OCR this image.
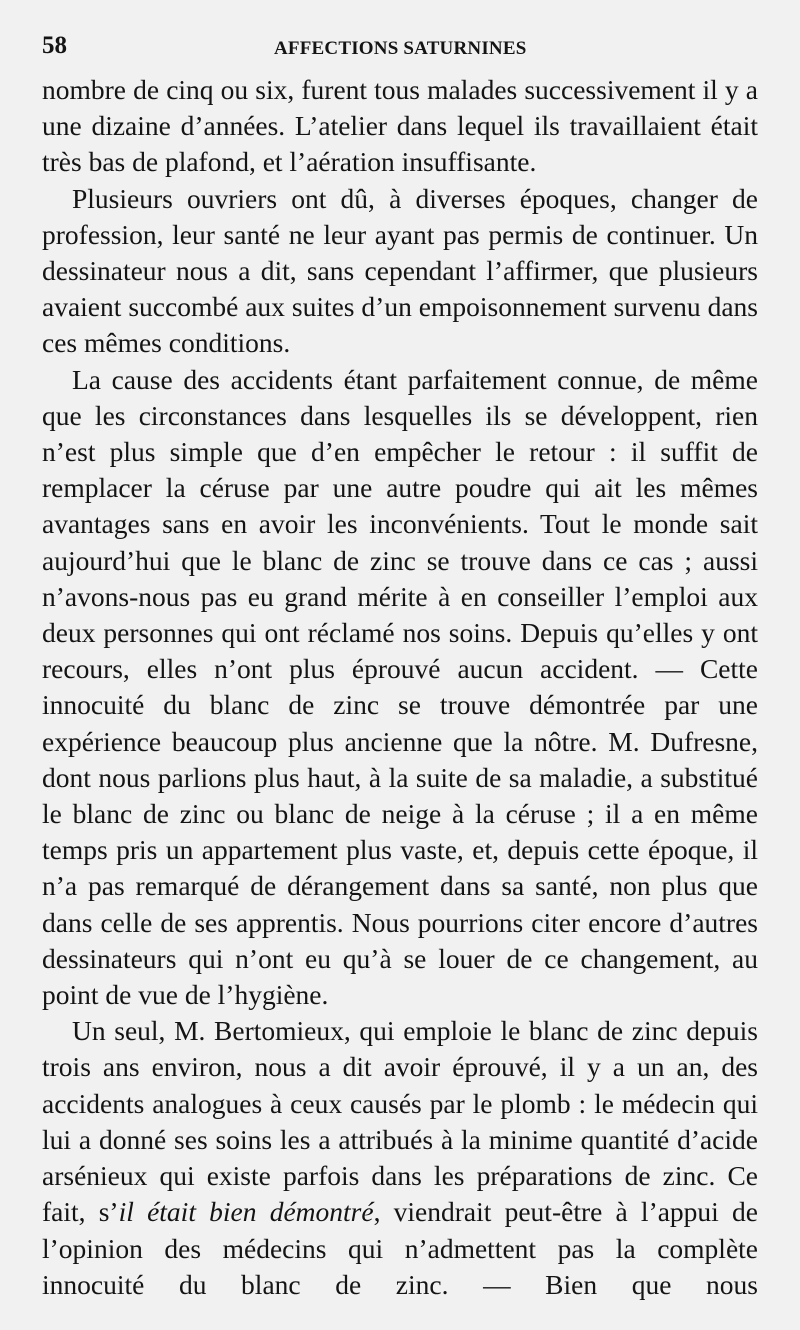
58	AFFECTIONS SATURNINES

nombre de cinq ou six, furent tous malades successivement il y a une dizaine d’années. L’atelier dans lequel ils travaillaient était très bas de plafond, et l’aération insuffisante.

Plusieurs ouvriers ont dû, à diverses époques, changer de profession, leur santé ne leur ayant pas permis de continuer. Un dessinateur nous a dit, sans cependant l’affirmer, que plusieurs avaient succombé aux suites d’un empoisonnement survenu dans ces mêmes conditions.

La cause des accidents étant parfaitement connue, de même que les circonstances dans lesquelles ils se développent, rien n’est plus simple que d’en empêcher le retour : il suffit de remplacer la céruse par une autre poudre qui ait les mêmes avantages sans en avoir les inconvénients. Tout le monde sait aujourd’hui que le blanc de zinc se trouve dans ce cas ; aussi n’avons-nous pas eu grand mérite à en conseiller l’emploi aux deux personnes qui ont réclamé nos soins. Depuis qu’elles y ont recours, elles n’ont plus éprouvé aucun accident. — Cette innocuité du blanc de zinc se trouve démontrée par une expérience beaucoup plus ancienne que la nôtre. M. Dufresne, dont nous parlions plus haut, à la suite de sa maladie, a substitué le blanc de zinc ou blanc de neige à la céruse ; il a en même temps pris un appartement plus vaste, et, depuis cette époque, il n’a pas remarqué de dérangement dans sa santé, non plus que dans celle de ses apprentis. Nous pourrions citer encore d’autres dessinateurs qui n’ont eu qu’à se louer de ce changement, au point de vue de l’hygiène.

Un seul, M. Bertomieux, qui emploie le blanc de zinc depuis trois ans environ, nous a dit avoir éprouvé, il y a un an, des accidents analogues à ceux causés par le plomb : le médecin qui lui a donné ses soins les a attribués à la minime quantité d’acide arsénieux qui existe parfois dans les préparations de zinc. Ce fait, s’il était bien démontré, viendrait peut-être à l’appui de l’opinion des médecins qui n’admettent pas la complète innocuité du blanc de zinc. — Bien que nous
